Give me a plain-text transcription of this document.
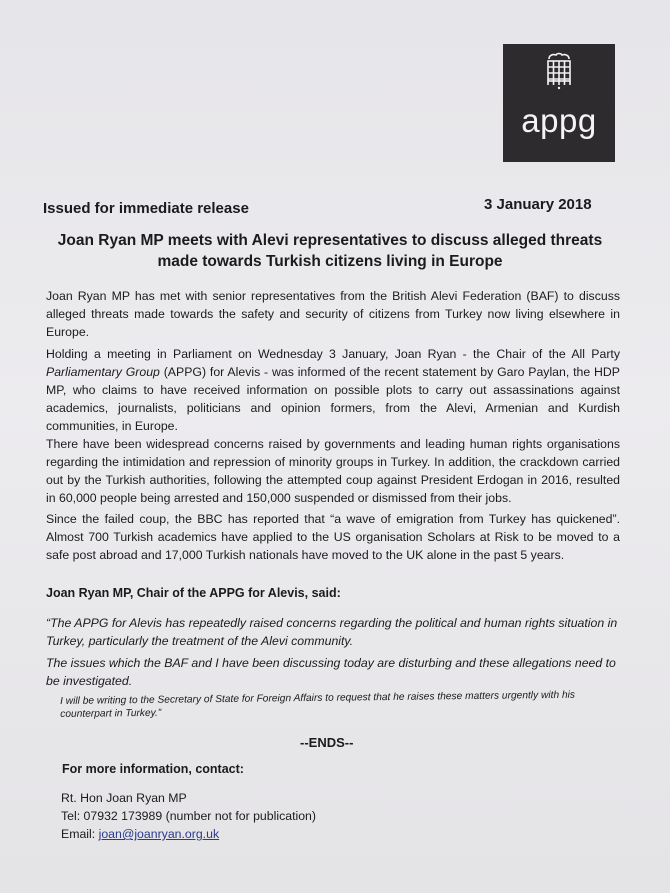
appg
Issued for immediate release	3 January 2018
Joan Ryan MP meets with Alevi representatives to discuss alleged threats
made towards Turkish citizens living in Europe
Joan Ryan MP has met with senior representatives from the British Alevi Federation (BAF) to discuss alleged threats made towards the safety and security of citizens from Turkey now living elsewhere in Europe.
Holding a meeting in Parliament on Wednesday 3 January, Joan Ryan - the Chair of the All Party Parliamentary Group (APPG) for Alevis - was informed of the recent statement by Garo Paylan, the HDP MP, who claims to have received information on possible plots to carry out assassinations against academics, journalists, politicians and opinion formers, from the Alevi, Armenian and Kurdish communities, in Europe.
There have been widespread concerns raised by governments and leading human rights organisations regarding the intimidation and repression of minority groups in Turkey. In addition, the crackdown carried out by the Turkish authorities, following the attempted coup against President Erdogan in 2016, resulted in 60,000 people being arrested and 150,000 suspended or dismissed from their jobs.
Since the failed coup, the BBC has reported that “a wave of emigration from Turkey has quickened”. Almost 700 Turkish academics have applied to the US organisation Scholars at Risk to be moved to a safe post abroad and 17,000 Turkish nationals have moved to the UK alone in the past 5 years.
Joan Ryan MP, Chair of the APPG for Alevis, said:
“The APPG for Alevis has repeatedly raised concerns regarding the political and human rights situation in Turkey, particularly the treatment of the Alevi community.
The issues which the BAF and I have been discussing today are disturbing and these allegations need to be investigated.
I will be writing to the Secretary of State for Foreign Affairs to request that he raises these matters urgently with his counterpart in Turkey.”
--ENDS--
For more information, contact:
Rt. Hon Joan Ryan MP
Tel: 07932 173989 (number not for publication)
Email: joan@joanryan.org.uk
